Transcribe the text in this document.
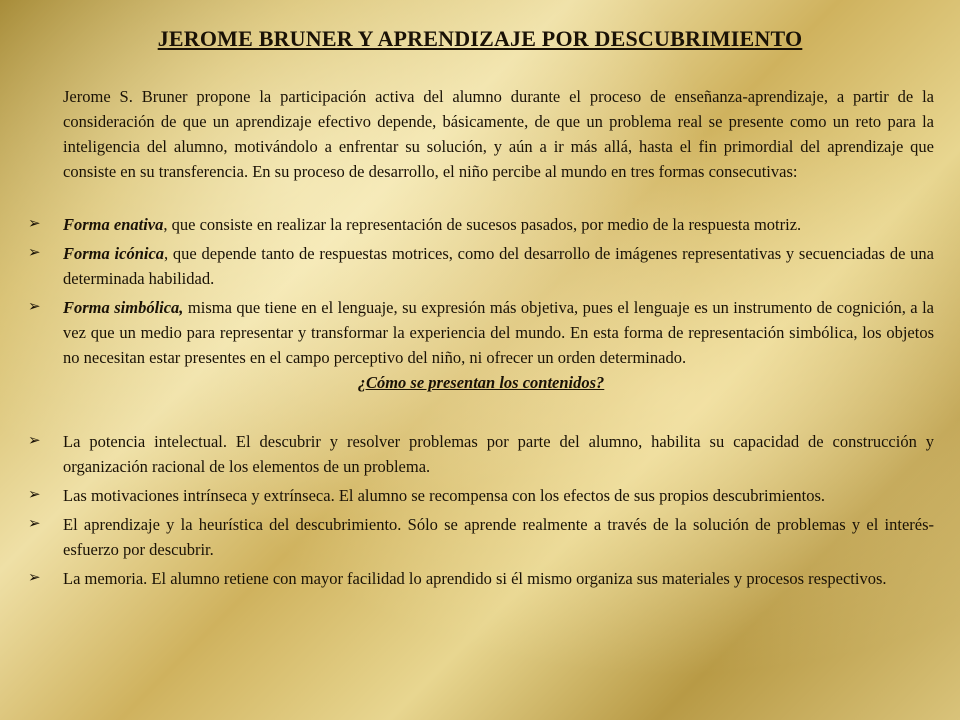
JEROME BRUNER Y APRENDIZAJE POR DESCUBRIMIENTO

Jerome S. Bruner propone la participación activa del alumno durante el proceso de enseñanza-aprendizaje, a partir de la consideración de que un aprendizaje efectivo depende, básicamente, de que un problema real se presente como un reto para la inteligencia del alumno, motivándolo a enfrentar su solución, y aún a ir más allá, hasta el fin primordial del aprendizaje que consiste en su transferencia. En su proceso de desarrollo, el niño percibe al mundo en tres formas consecutivas:

➢ Forma enativa, que consiste en realizar la representación de sucesos pasados, por medio de la respuesta motriz.
➢ Forma icónica, que depende tanto de respuestas motrices, como del desarrollo de imágenes representativas y secuenciadas de una determinada habilidad.
➢ Forma simbólica, misma que tiene en el lenguaje, su expresión más objetiva, pues el lenguaje es un instrumento de cognición, a la vez que un medio para representar y transformar la experiencia del mundo. En esta forma de representación simbólica, los objetos no necesitan estar presentes en el campo perceptivo del niño, ni ofrecer un orden determinado.

¿Cómo se presentan los contenidos?

➢ La potencia intelectual. El descubrir y resolver problemas por parte del alumno, habilita su capacidad de construcción y organización racional de los elementos de un problema.
➢ Las motivaciones intrínseca y extrínseca. El alumno se recompensa con los efectos de sus propios descubrimientos.
➢ El aprendizaje y la heurística del descubrimiento. Sólo se aprende realmente a través de la solución de problemas y el interés-esfuerzo por descubrir.
➢ La memoria. El alumno retiene con mayor facilidad lo aprendido si él mismo organiza sus materiales y procesos respectivos.
